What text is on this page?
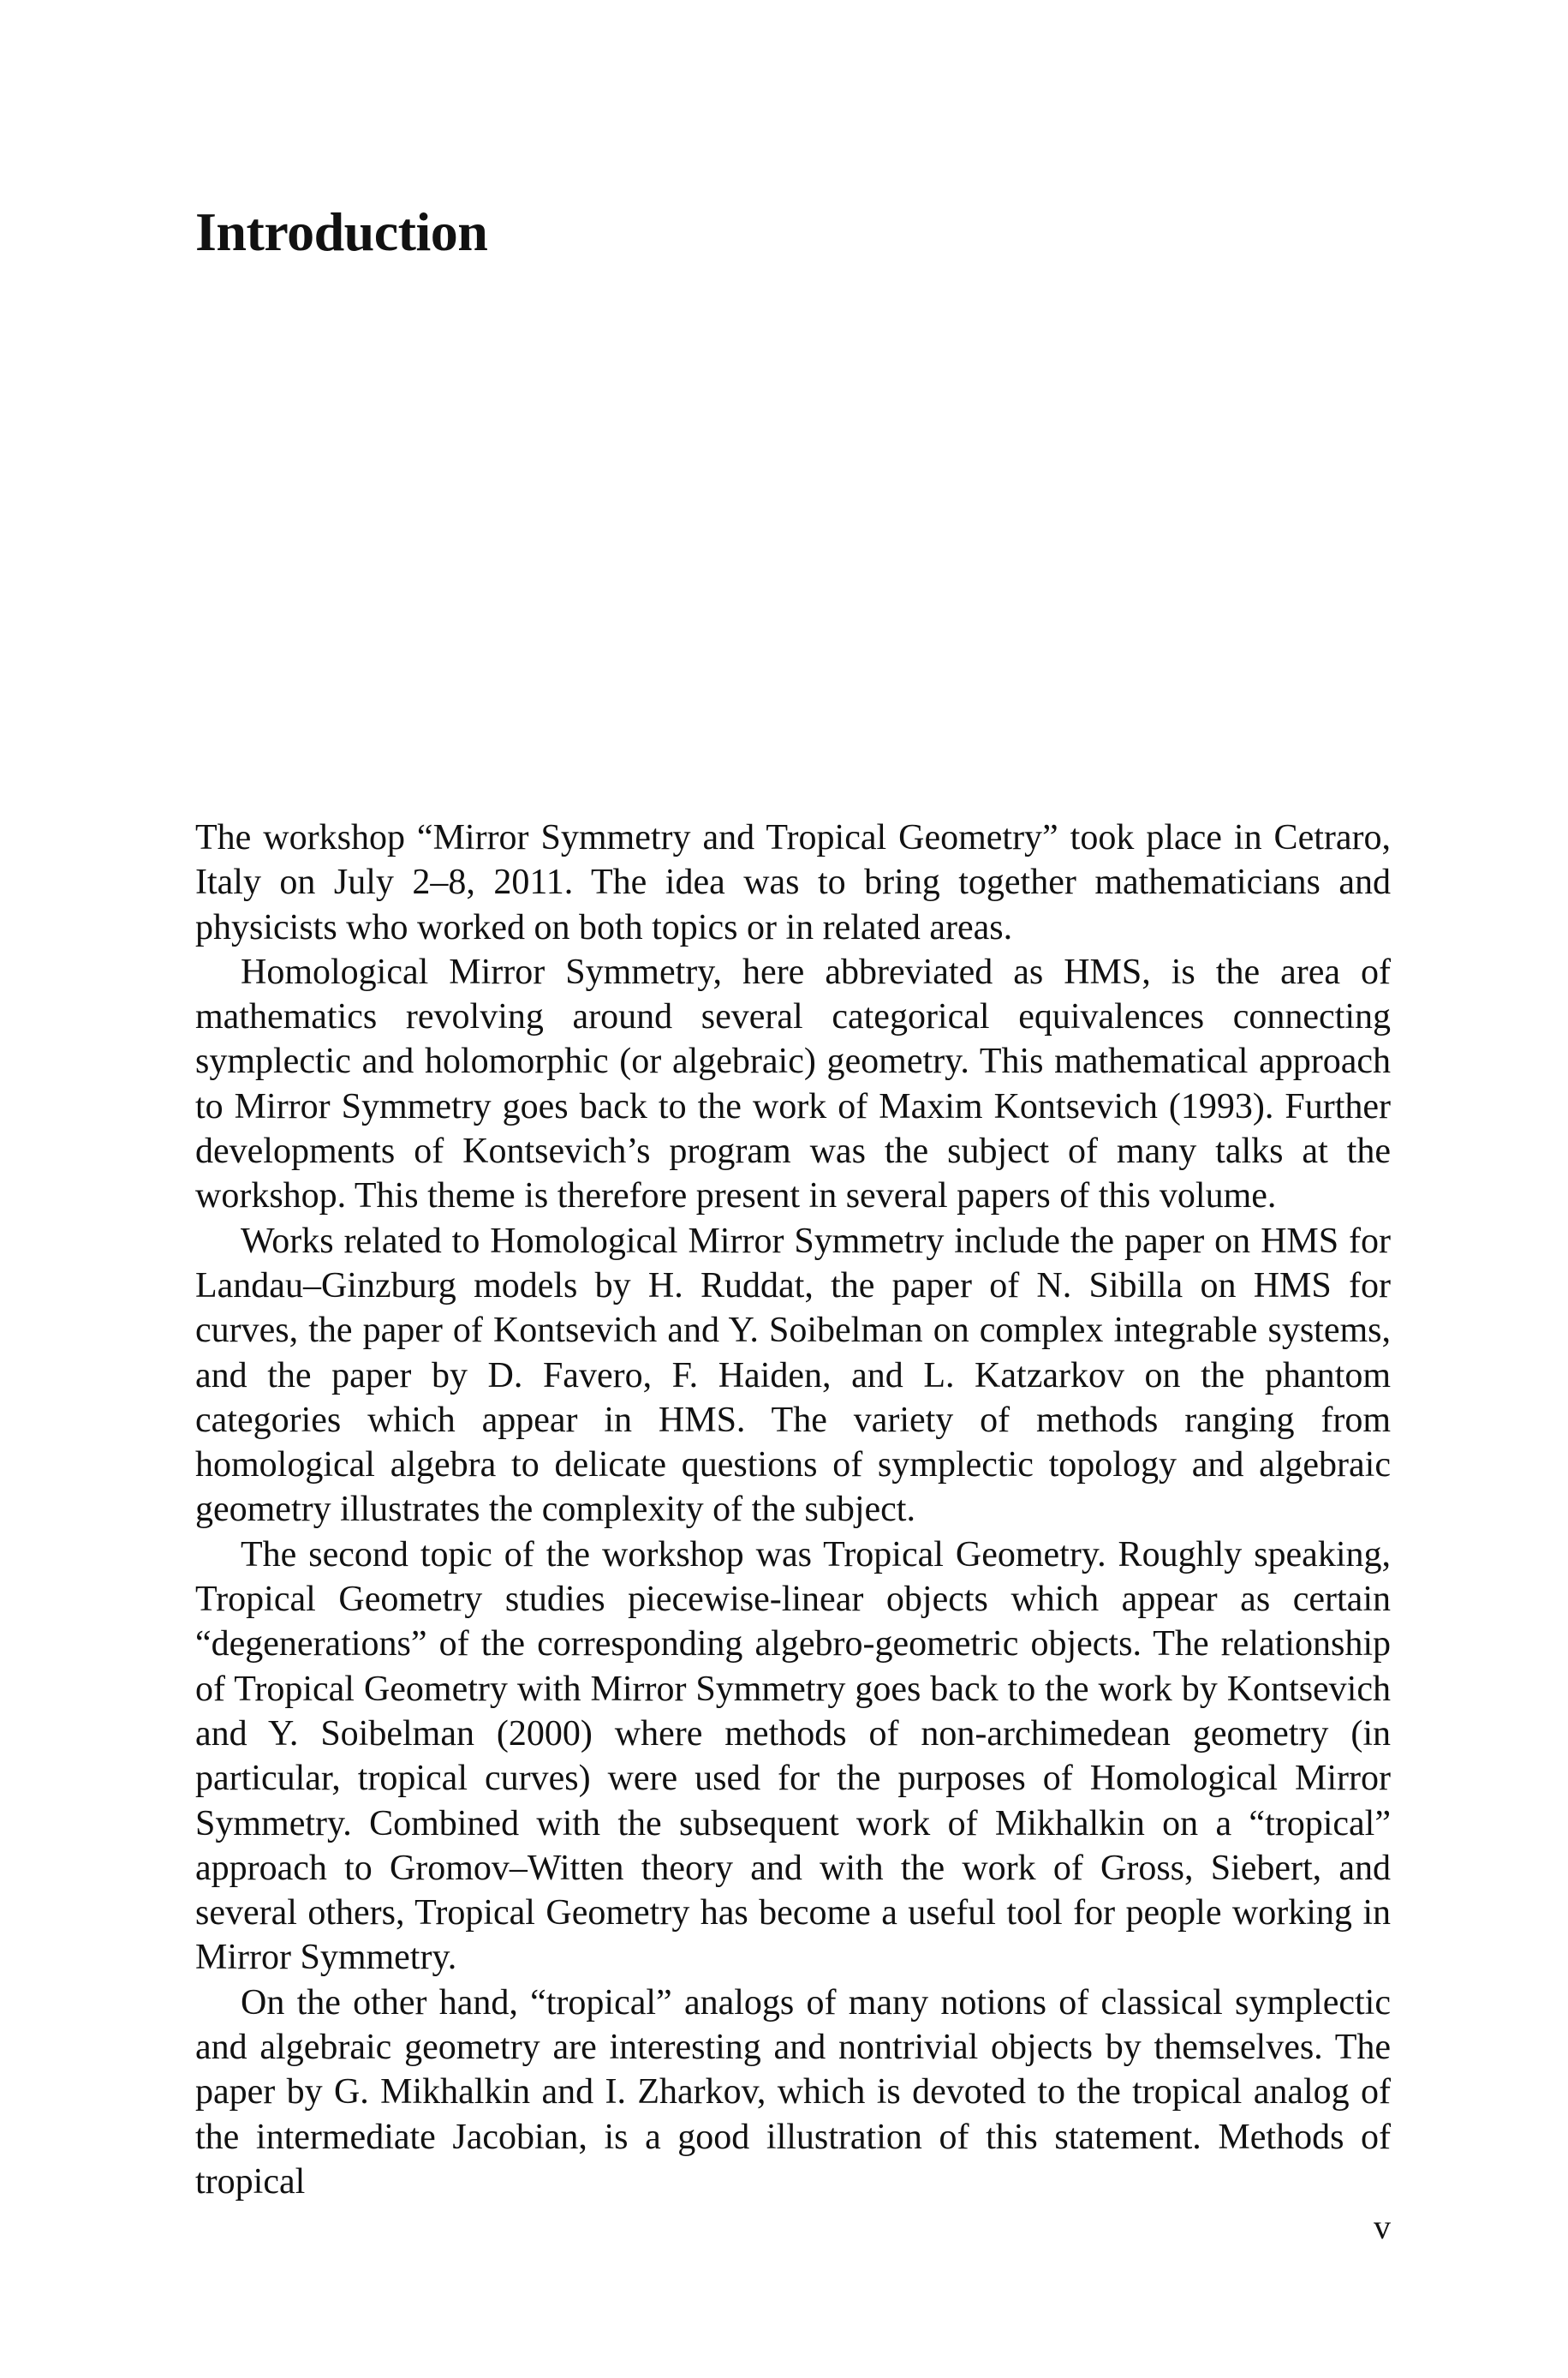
Introduction

The workshop “Mirror Symmetry and Tropical Geometry” took place in Cetraro, Italy on July 2–8, 2011. The idea was to bring together mathematicians and physicists who worked on both topics or in related areas.

Homological Mirror Symmetry, here abbreviated as HMS, is the area of mathematics revolving around several categorical equivalences connecting symplectic and holomorphic (or algebraic) geometry. This mathematical approach to Mirror Symmetry goes back to the work of Maxim Kontsevich (1993). Further developments of Kontsevich’s program was the subject of many talks at the workshop. This theme is therefore present in several papers of this volume.

Works related to Homological Mirror Symmetry include the paper on HMS for Landau–Ginzburg models by H. Ruddat, the paper of N. Sibilla on HMS for curves, the paper of Kontsevich and Y. Soibelman on complex integrable systems, and the paper by D. Favero, F. Haiden, and L. Katzarkov on the phantom categories which appear in HMS. The variety of methods ranging from homological algebra to delicate questions of symplectic topology and algebraic geometry illustrates the complexity of the subject.

The second topic of the workshop was Tropical Geometry. Roughly speaking, Tropical Geometry studies piecewise-linear objects which appear as certain “degenerations” of the corresponding algebro-geometric objects. The relationship of Tropical Geometry with Mirror Symmetry goes back to the work by Kontsevich and Y. Soibelman (2000) where methods of non-archimedean geometry (in particular, tropical curves) were used for the purposes of Homological Mirror Symmetry. Combined with the subsequent work of Mikhalkin on a “tropical” approach to Gromov–Witten theory and with the work of Gross, Siebert, and several others, Tropical Geometry has become a useful tool for people working in Mirror Symmetry.

On the other hand, “tropical” analogs of many notions of classical symplectic and algebraic geometry are interesting and nontrivial objects by themselves. The paper by G. Mikhalkin and I. Zharkov, which is devoted to the tropical analog of the intermediate Jacobian, is a good illustration of this statement. Methods of tropical

v
